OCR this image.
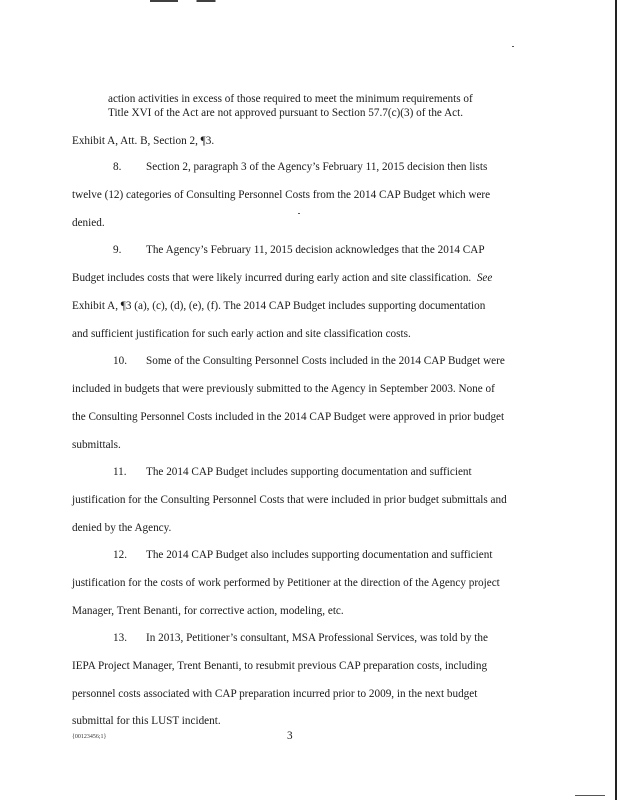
action activities in excess of those required to meet the minimum requirements of
Title XVI of the Act are not approved pursuant to Section 57.7(c)(3) of the Act.
Exhibit A, Att. B, Section 2, ¶3.
8. Section 2, paragraph 3 of the Agency’s February 11, 2015 decision then lists
twelve (12) categories of Consulting Personnel Costs from the 2014 CAP Budget which were
denied.
9. The Agency’s February 11, 2015 decision acknowledges that the 2014 CAP
Budget includes costs that were likely incurred during early action and site classification. See
Exhibit A, ¶3 (a), (c), (d), (e), (f). The 2014 CAP Budget includes supporting documentation
and sufficient justification for such early action and site classification costs.
10. Some of the Consulting Personnel Costs included in the 2014 CAP Budget were
included in budgets that were previously submitted to the Agency in September 2003. None of
the Consulting Personnel Costs included in the 2014 CAP Budget were approved in prior budget
submittals.
11. The 2014 CAP Budget includes supporting documentation and sufficient
justification for the Consulting Personnel Costs that were included in prior budget submittals and
denied by the Agency.
12. The 2014 CAP Budget also includes supporting documentation and sufficient
justification for the costs of work performed by Petitioner at the direction of the Agency project
Manager, Trent Benanti, for corrective action, modeling, etc.
13. In 2013, Petitioner’s consultant, MSA Professional Services, was told by the
IEPA Project Manager, Trent Benanti, to resubmit previous CAP preparation costs, including
personnel costs associated with CAP preparation incurred prior to 2009, in the next budget
submittal for this LUST incident.
{00123456;1}	3
